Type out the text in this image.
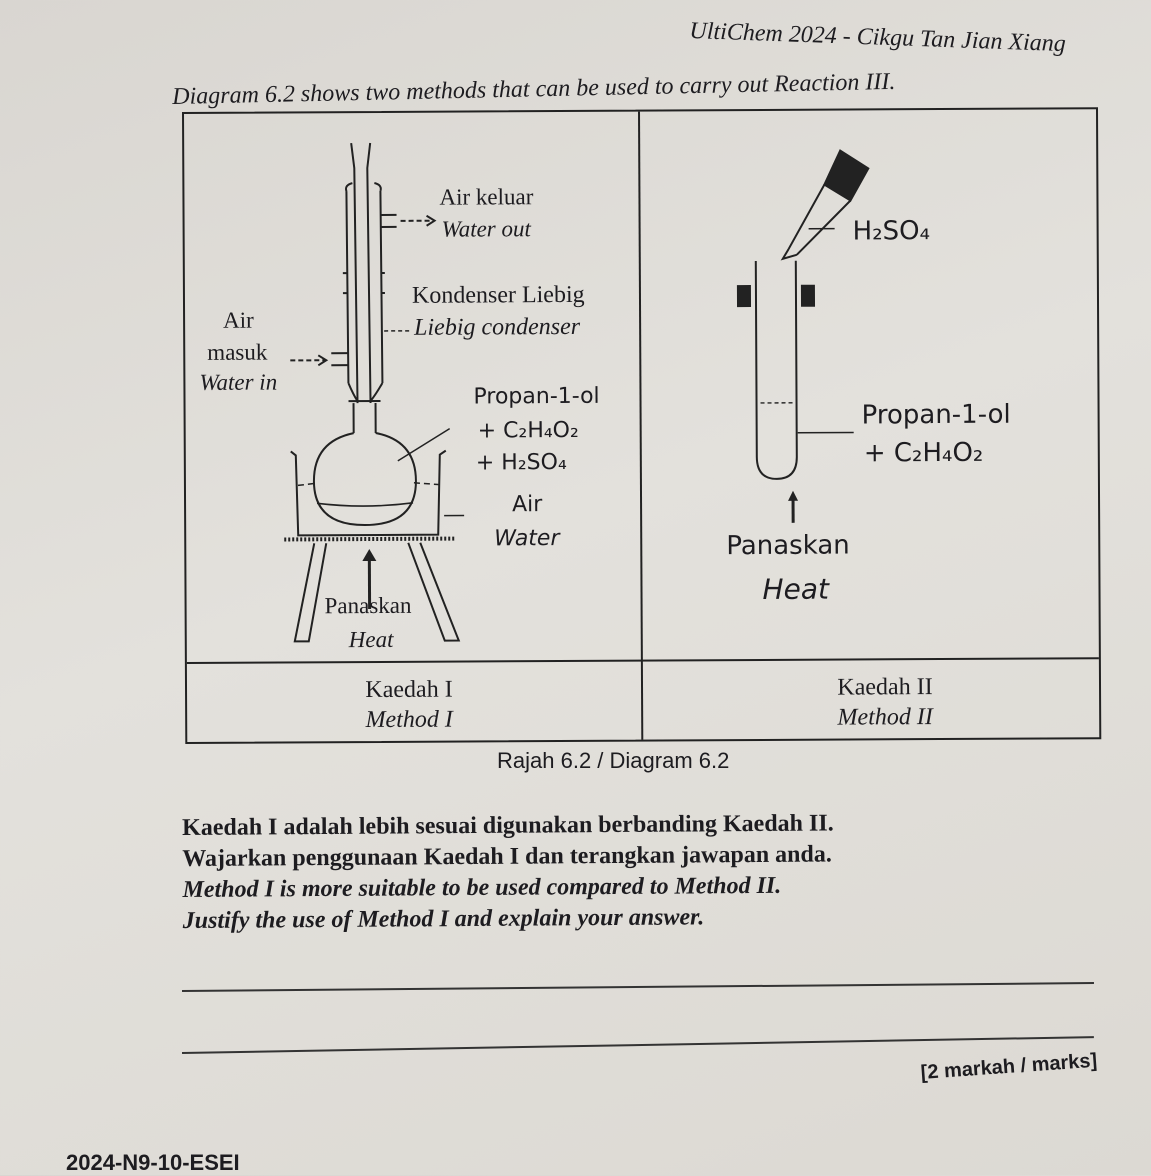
UltiChem 2024 - Cikgu Tan Jian Xiang
Diagram 6.2 shows two methods that can be used to carry out Reaction III.
Air keluar
Water out
Kondenser Liebig
Liebig condenser
Air
masuk
Water in
Propan-1-ol
+ C₂H₄O₂
+ H₂SO₄
Air
Water
Panaskan
Heat
H₂SO₄
Propan-1-ol
+ C₂H₄O₂
Panaskan
Heat
Kaedah I
Method I
Kaedah II
Method II
Rajah 6.2 / Diagram 6.2
Kaedah I adalah lebih sesuai digunakan berbanding Kaedah II.
Wajarkan penggunaan Kaedah I dan terangkan jawapan anda.
Method I is more suitable to be used compared to Method II.
Justify the use of Method I and explain your answer.
[2 markah / marks]
2024-N9-10-ESEI
